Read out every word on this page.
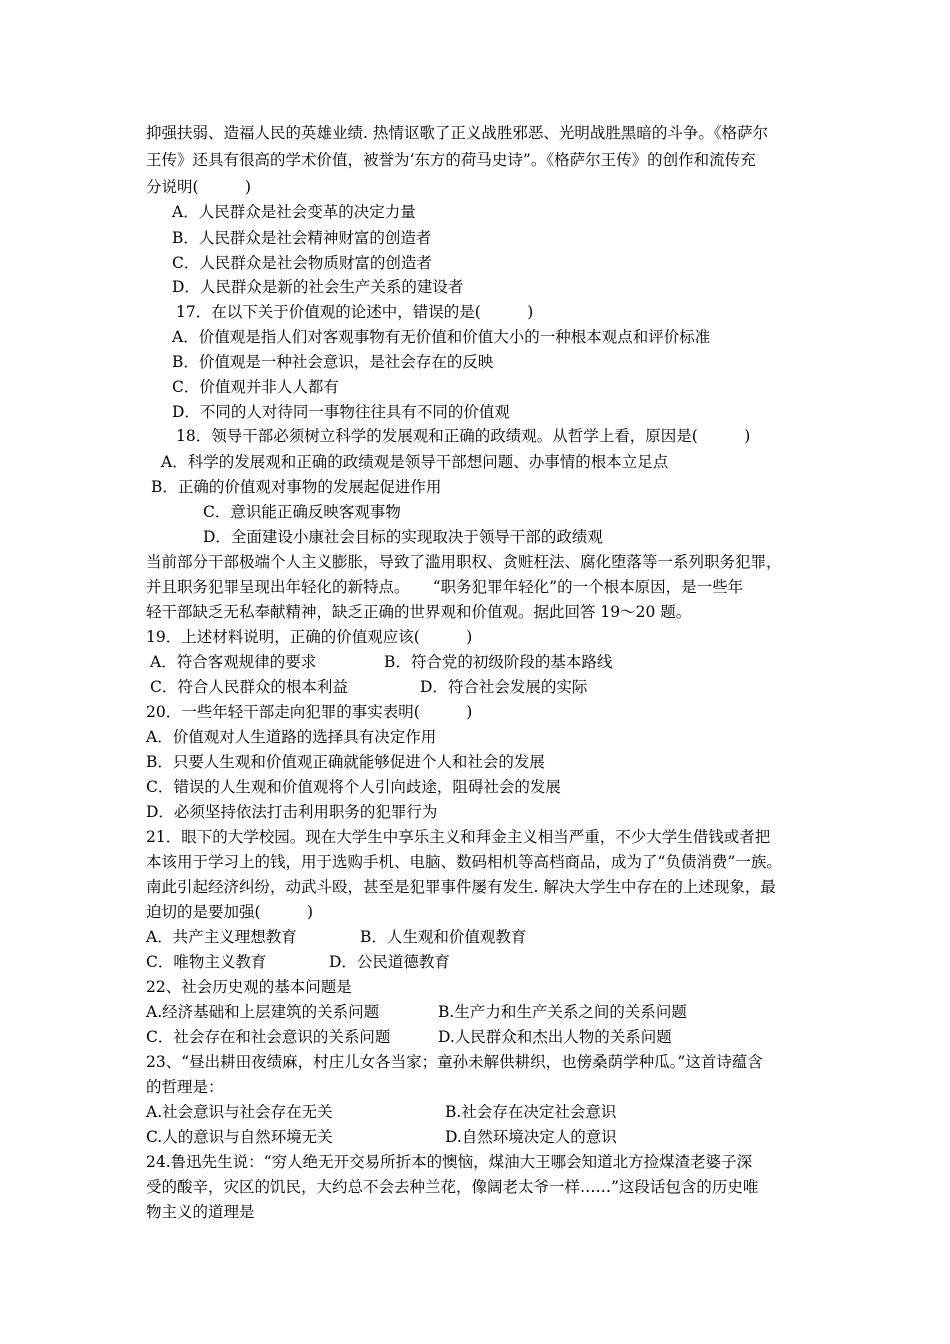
抑强扶弱、造福人民的英雄业绩. 热情讴歌了正义战胜邪恶、光明战胜黑暗的斗争。《格萨尔
王传》还具有很高的学术价值，被誉为‘东方的荷马史诗”。《格萨尔王传》的创作和流传充
分说明(　　　)
A．人民群众是社会变革的决定力量
B．人民群众是社会精神财富的创造者
C．人民群众是社会物质财富的创造者
D．人民群众是新的社会生产关系的建设者
17．在以下关于价值观的论述中，错误的是(　　　)
A．价值观是指人们对客观事物有无价值和价值大小的一种根本观点和评价标准
B．价值观是一种社会意识，是社会存在的反映
C．价值观并非人人都有
D．不同的人对待同一事物往往具有不同的价值观
18．领导干部必须树立科学的发展观和正确的政绩观。从哲学上看，原因是(　　　)
A．科学的发展观和正确的政绩观是领导干部想问题、办事情的根本立足点
B．正确的价值观对事物的发展起促进作用
C．意识能正确反映客观事物
D．全面建设小康社会目标的实现取决于领导干部的政绩观
当前部分干部极端个人主义膨胀，导致了滥用职权、贪赃枉法、腐化堕落等一系列职务犯罪，
并且职务犯罪呈现出年轻化的新特点。　　“职务犯罪年轻化”的一个根本原因，是一些年
轻干部缺乏无私奉献精神，缺乏正确的世界观和价值观。据此回答 19～20 题。
19．上述材料说明，正确的价值观应该(　　　)
A．符合客观规律的要求	B．符合党的初级阶段的基本路线
C．符合人民群众的根本利益	D．符合社会发展的实际
20．一些年轻干部走向犯罪的事实表明(　　　)
A．价值观对人生道路的选择具有决定作用
B．只要人生观和价值观正确就能够促进个人和社会的发展
C．错误的人生观和价值观将个人引向歧途，阻碍社会的发展
D．必须坚持依法打击利用职务的犯罪行为
21．眼下的大学校园。现在大学生中享乐主义和拜金主义相当严重，不少大学生借钱或者把
本该用于学习上的钱，用于选购手机、电脑、数码相机等高档商品，成为了“负债消费”一族。
南此引起经济纠纷，动武斗殴，甚至是犯罪事件屡有发生. 解决大学生中存在的上述现象，最
迫切的是要加强(　　　)
A．共产主义理想教育	B．人生观和价值观教育
C．唯物主义教育	D．公民道德教育
22、社会历史观的基本问题是
A.经济基础和上层建筑的关系问题	B.生产力和生产关系之间的关系问题
C．社会存在和社会意识的关系问题	D.人民群众和杰出人物的关系问题
23、“昼出耕田夜绩麻，村庄儿女各当家；童孙未解供耕织，也傍桑荫学种瓜。”这首诗蕴含
的哲理是：
A.社会意识与社会存在无关	B.社会存在决定社会意识
C.人的意识与自然环境无关	D.自然环境决定人的意识
24.鲁迅先生说：“穷人绝无开交易所折本的懊恼，煤油大王哪会知道北方捡煤渣老婆子深
受的酸辛，灾区的饥民，大约总不会去种兰花，像阔老太爷一样……”这段话包含的历史唯
物主义的道理是
